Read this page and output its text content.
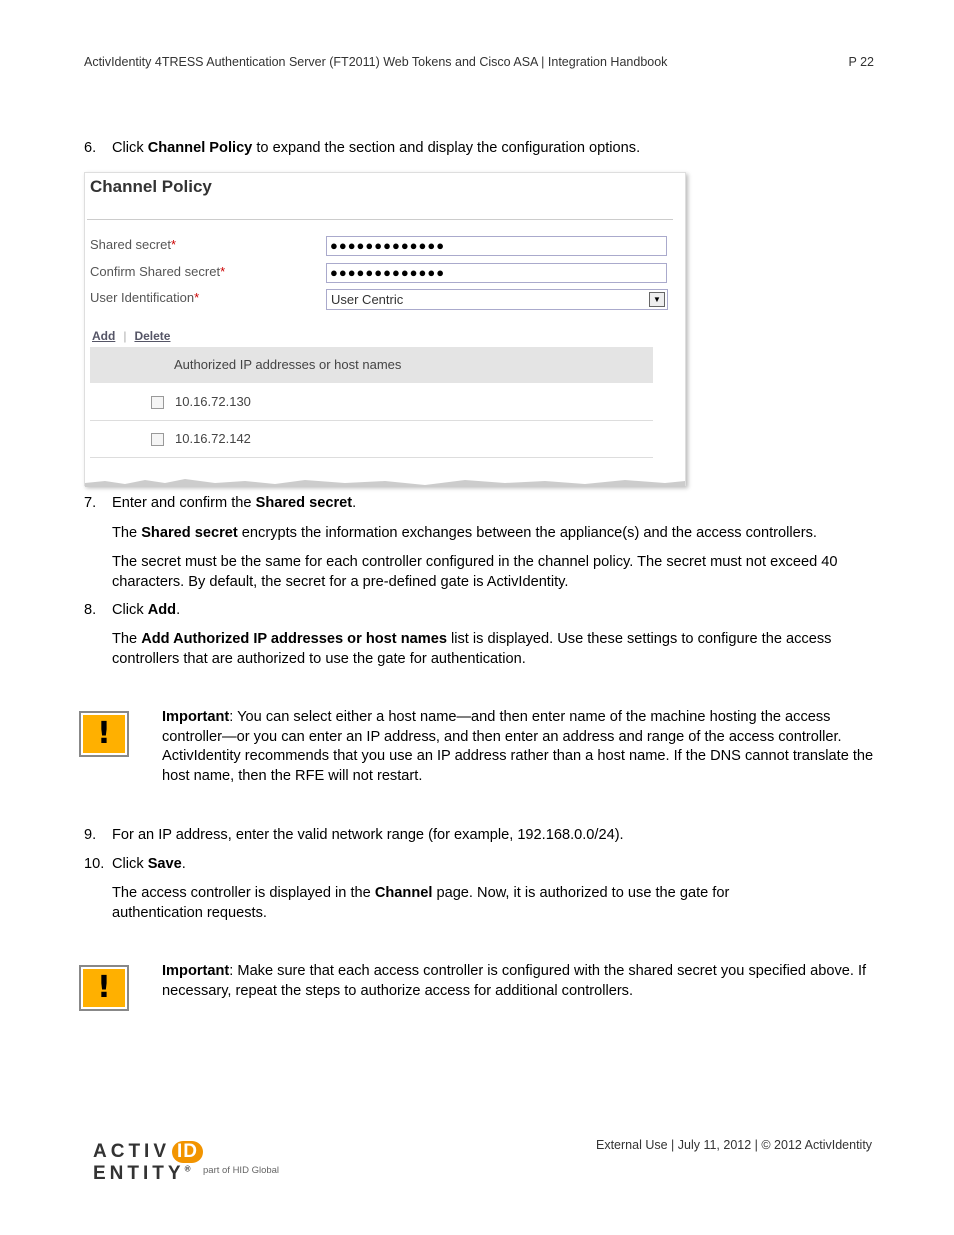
ActivIdentity 4TRESS Authentication Server (FT2011) Web Tokens and Cisco ASA | Integration Handbook	P 22
6. Click Channel Policy to expand the section and display the configuration options.
Channel Policy
Shared secret*	●●●●●●●●●●●●●
Confirm Shared secret*	●●●●●●●●●●●●●
User Identification*	User Centric	▼
Add | Delete
Authorized IP addresses or host names
10.16.72.130
10.16.72.142
7. Enter and confirm the Shared secret.
The Shared secret encrypts the information exchanges between the appliance(s) and the access controllers.
The secret must be the same for each controller configured in the channel policy. The secret must not exceed 40 characters. By default, the secret for a pre-defined gate is ActivIdentity.
8. Click Add.
The Add Authorized IP addresses or host names list is displayed. Use these settings to configure the access controllers that are authorized to use the gate for authentication.
!	Important: You can select either a host name—and then enter name of the machine hosting the access controller—or you can enter an IP address, and then enter an address and range of the access controller. ActivIdentity recommends that you use an IP address rather than a host name. If the DNS cannot translate the host name, then the RFE will not restart.
9. For an IP address, enter the valid network range (for example, 192.168.0.0/24).
10. Click Save.
The access controller is displayed in the Channel page. Now, it is authorized to use the gate for authentication requests.
!	Important: Make sure that each access controller is configured with the shared secret you specified above. If necessary, repeat the steps to authorize access for additional controllers.
ACTIV IDENTITY® part of HID Global
External Use | July 11, 2012 | © 2012 ActivIdentity
